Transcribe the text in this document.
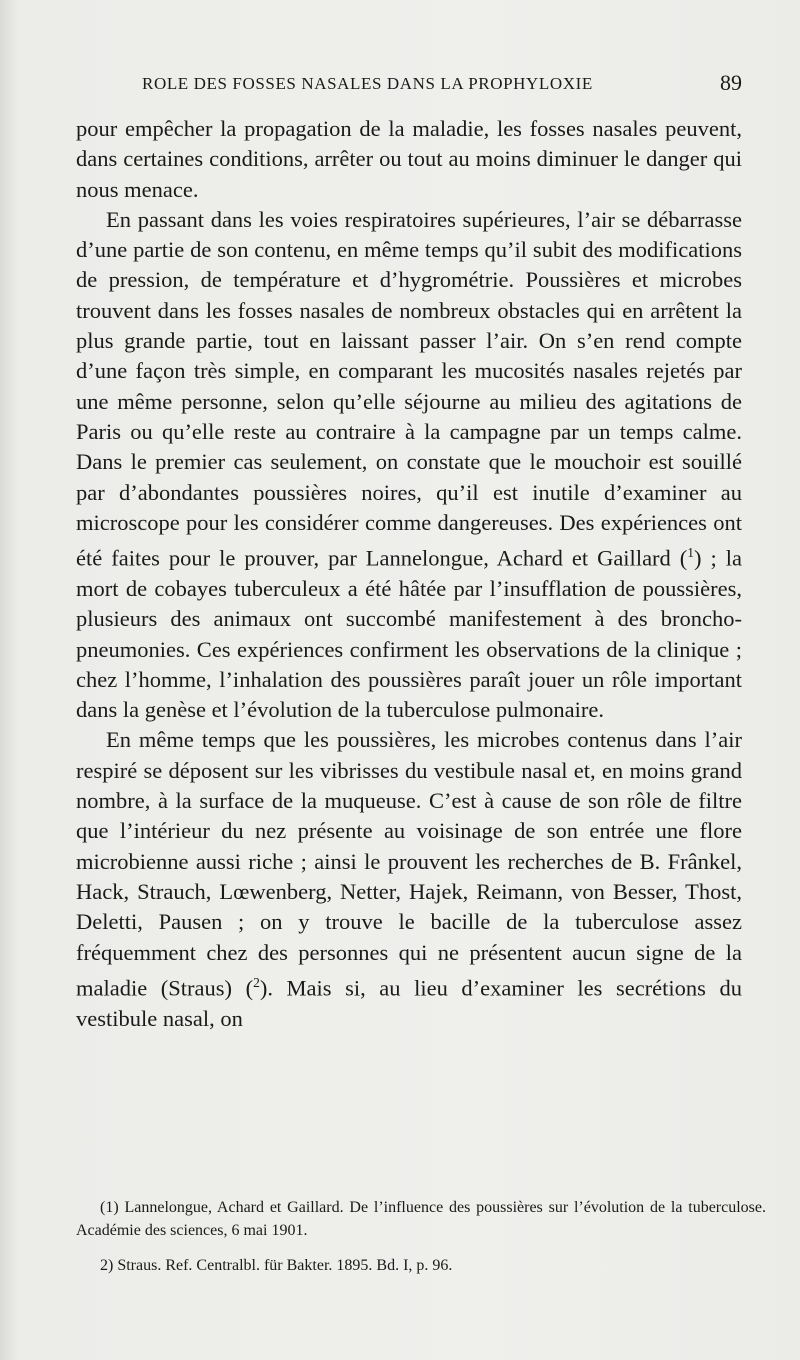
ROLE DES FOSSES NASALES DANS LA PROPHYLOXIE	89

pour empêcher la propagation de la maladie, les fosses nasales peuvent, dans certaines conditions, arrêter ou tout au moins diminuer le danger qui nous menace.

En passant dans les voies respiratoires supérieures, l’air se débarrasse d’une partie de son contenu, en même temps qu’il subit des modifications de pression, de température et d’hygrométrie. Poussières et microbes trouvent dans les fosses nasales de nombreux obstacles qui en arrêtent la plus grande partie, tout en laissant passer l’air. On s’en rend compte d’une façon très simple, en comparant les mucosités nasales rejetés par une même personne, selon qu’elle séjourne au milieu des agitations de Paris ou qu’elle reste au contraire à la campagne par un temps calme. Dans le premier cas seulement, on constate que le mouchoir est souillé par d’abondantes poussières noires, qu’il est inutile d’examiner au microscope pour les considérer comme dangereuses. Des expériences ont été faites pour le prouver, par Lannelongue, Achard et Gaillard ($^1$) ; la mort de cobayes tuberculeux a été hâtée par l’insufflation de poussières, plusieurs des animaux ont succombé manifestement à des broncho-pneumonies. Ces expériences confirment les observations de la clinique ; chez l’homme, l’inhalation des poussières paraît jouer un rôle important dans la genèse et l’évolution de la tuberculose pulmonaire.

En même temps que les poussières, les microbes contenus dans l’air respiré se déposent sur les vibrisses du vestibule nasal et, en moins grand nombre, à la surface de la muqueuse. C’est à cause de son rôle de filtre que l’intérieur du nez présente au voisinage de son entrée une flore microbienne aussi riche ; ainsi le prouvent les recherches de B. Frânkel, Hack, Strauch, Lœwenberg, Netter, Hajek, Reimann, von Besser, Thost, Deletti, Pausen ; on y trouve le bacille de la tuberculose assez fréquemment chez des personnes qui ne présentent aucun signe de la maladie (Straus) ($^2$). Mais si, au lieu d’examiner les secrétions du vestibule nasal, on

(1) Lannelongue, Achard et Gaillard. De l’influence des poussières sur l’évolution de la tuberculose. Académie des sciences, 6 mai 1901.

2) Straus. Ref. Centralbl. für Bakter. 1895. Bd. I, p. 96.
